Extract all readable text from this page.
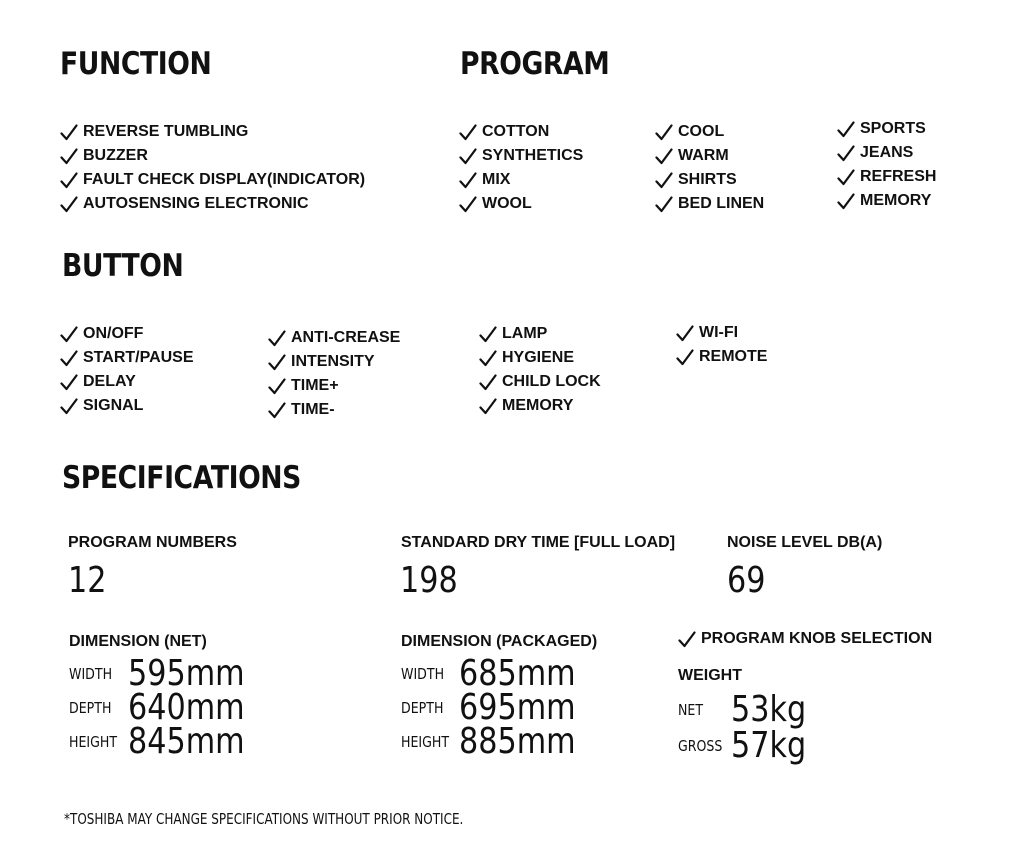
FUNCTION
REVERSE TUMBLING
BUZZER
FAULT CHECK DISPLAY(INDICATOR)
AUTOSENSING ELECTRONIC
PROGRAM
COTTON
SYNTHETICS
MIX
WOOL
COOL
WARM
SHIRTS
BED LINEN
SPORTS
JEANS
REFRESH
MEMORY
BUTTON
ON/OFF
START/PAUSE
DELAY
SIGNAL
ANTI-CREASE
INTENSITY
TIME+
TIME-
LAMP
HYGIENE
CHILD LOCK
MEMORY
WI-FI
REMOTE
SPECIFICATIONS
PROGRAM NUMBERS
12
STANDARD DRY TIME [FULL LOAD]
198
NOISE LEVEL DB(A)
69
DIMENSION (NET)
WIDTH 595mm
DEPTH 640mm
HEIGHT 845mm
DIMENSION (PACKAGED)
WIDTH 685mm
DEPTH 695mm
HEIGHT 885mm
PROGRAM KNOB SELECTION
WEIGHT
NET 53kg
GROSS 57kg
*TOSHIBA MAY CHANGE SPECIFICATIONS WITHOUT PRIOR NOTICE.
